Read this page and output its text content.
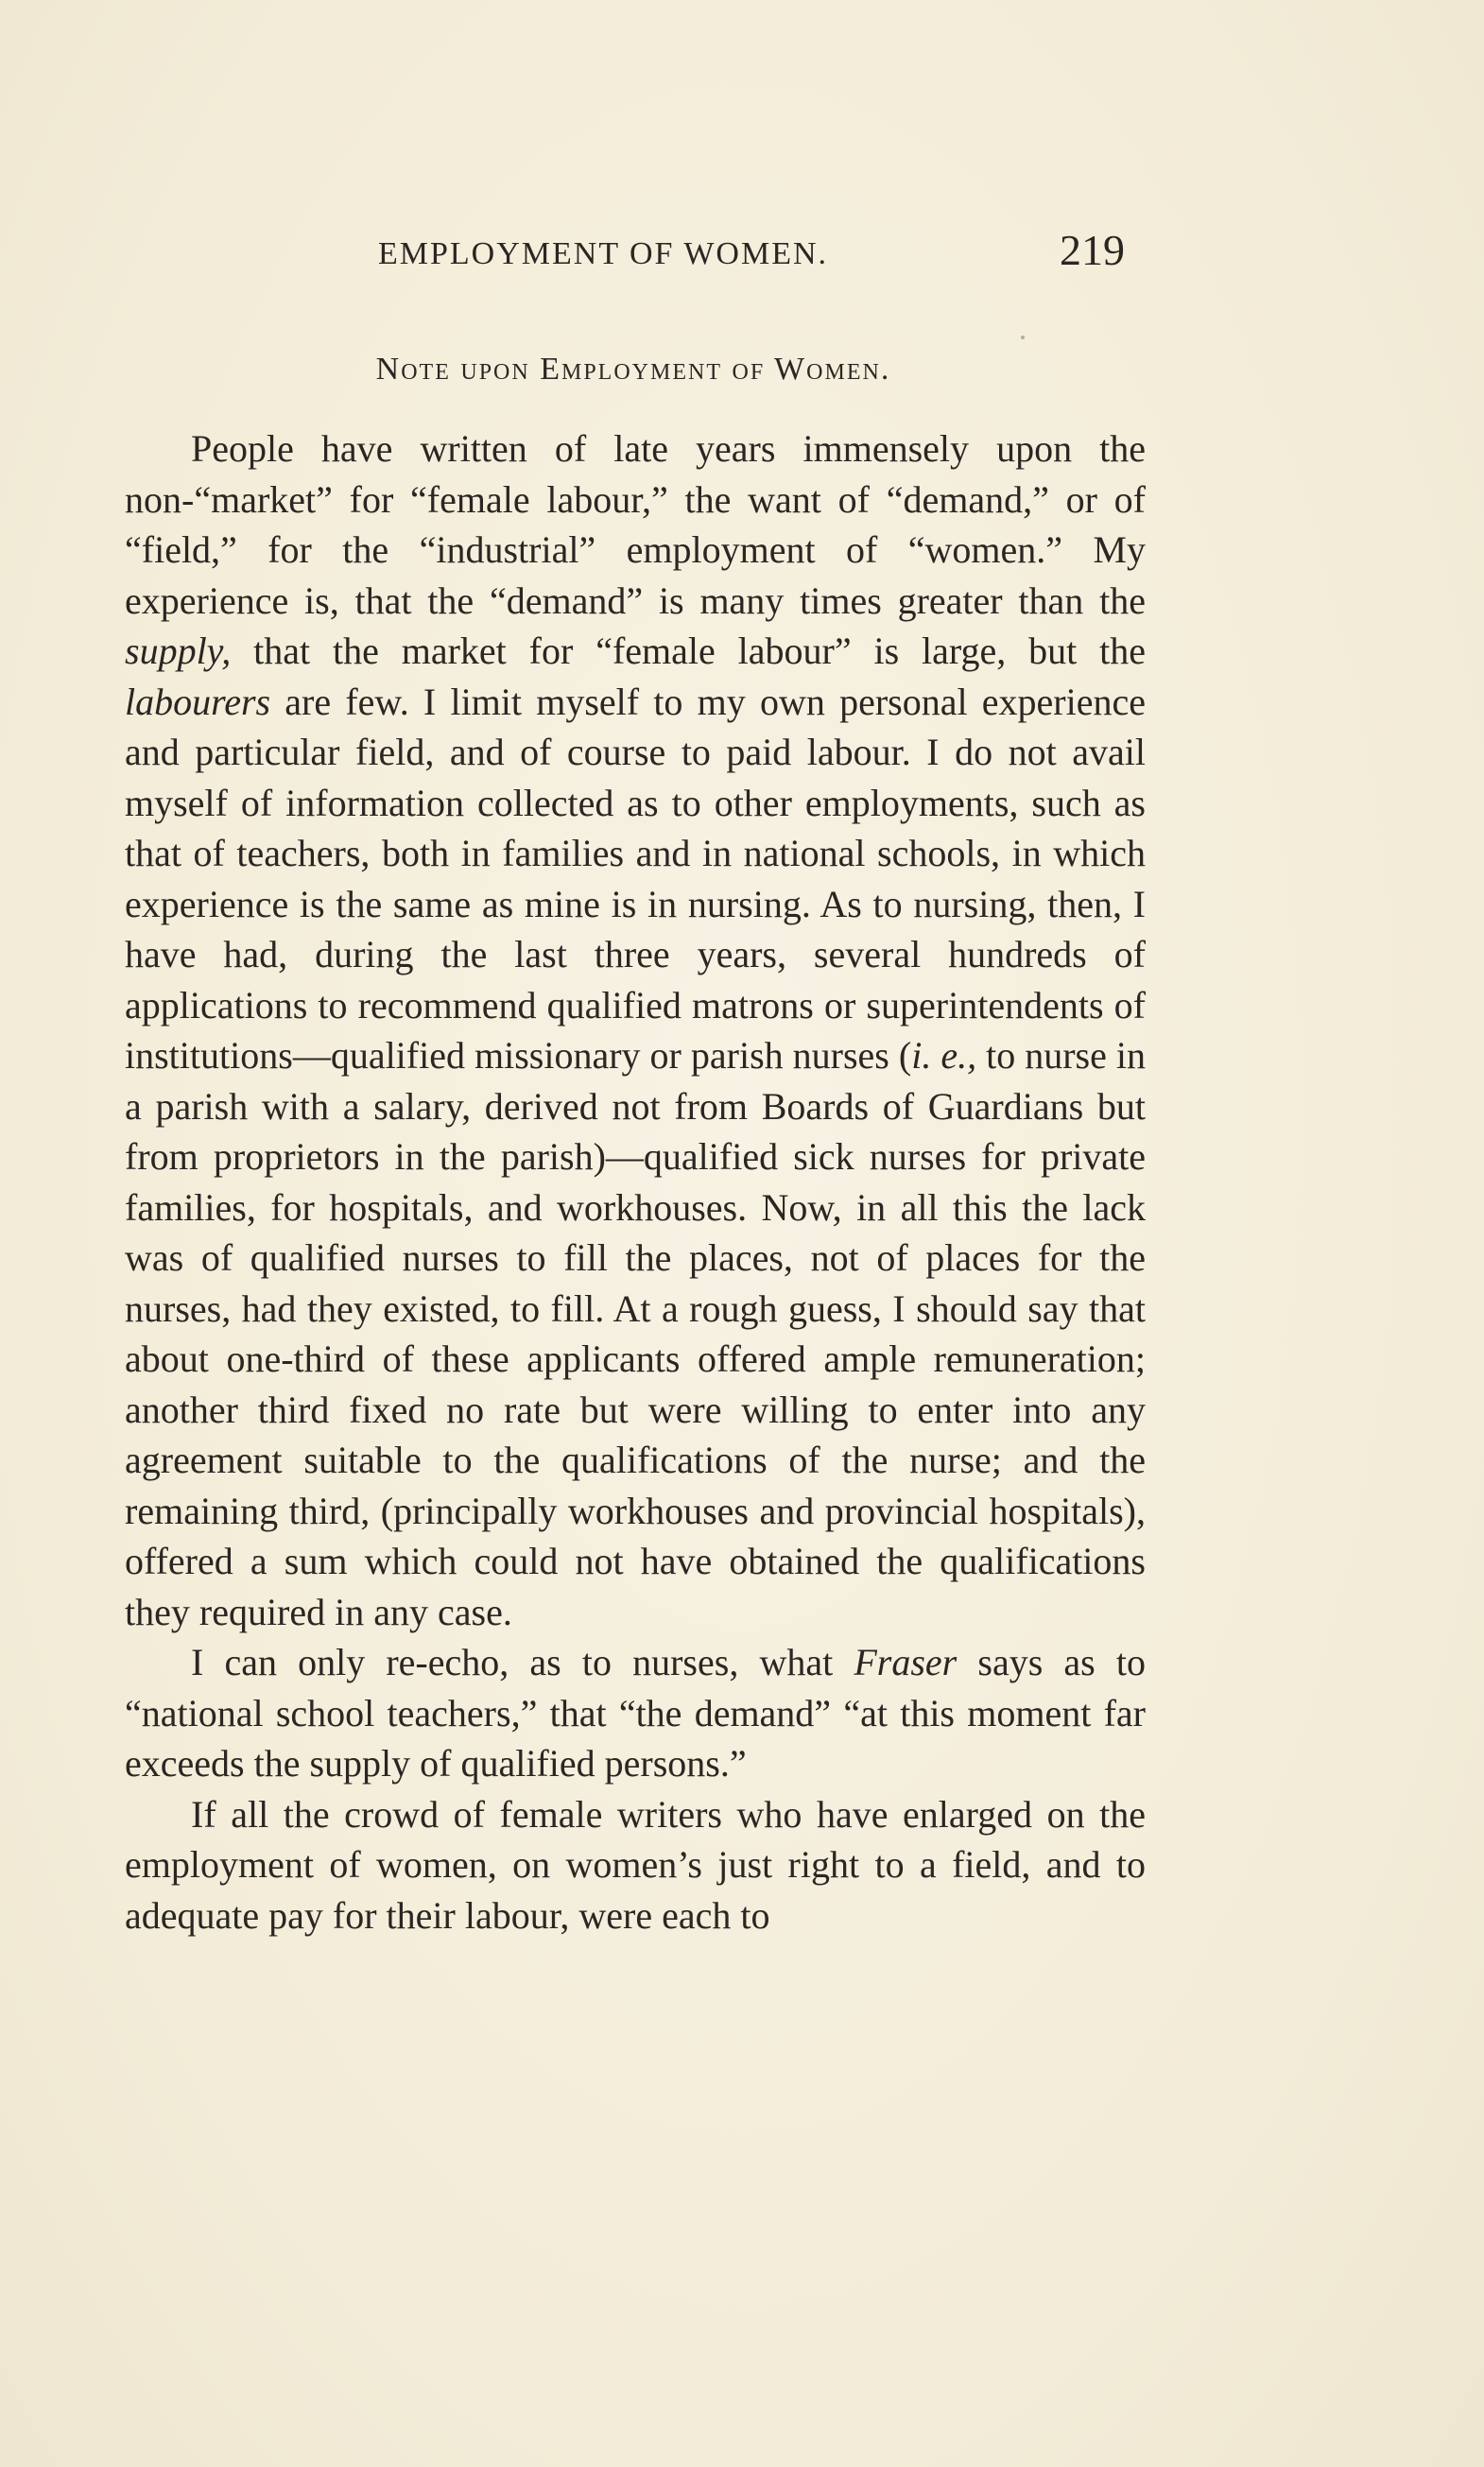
EMPLOYMENT OF WOMEN.	219
Note upon Employment of Women.

People have written of late years immensely upon the non-“market” for “female labour,” the want of “demand,” or of “field,” for the “industrial” employment of “women.” My experience is, that the “demand” is many times greater than the supply, that the market for “female labour” is large, but the labourers are few. I limit myself to my own personal experience and particular field, and of course to paid labour. I do not avail myself of information collected as to other employments, such as that of teachers, both in families and in national schools, in which experience is the same as mine is in nursing. As to nursing, then, I have had, during the last three years, several hundreds of applications to recommend qualified matrons or superintendents of institutions—qualified missionary or parish nurses (i. e., to nurse in a parish with a salary, derived not from Boards of Guardians but from proprietors in the parish)—qualified sick nurses for private families, for hospitals, and workhouses. Now, in all this the lack was of qualified nurses to fill the places, not of places for the nurses, had they existed, to fill. At a rough guess, I should say that about one-third of these applicants offered ample remuneration; another third fixed no rate but were willing to enter into any agreement suitable to the qualifications of the nurse; and the remaining third, (principally workhouses and provincial hospitals), offered a sum which could not have obtained the qualifications they required in any case.

I can only re-echo, as to nurses, what Fraser says as to “national school teachers,” that “the demand” “at this moment far exceeds the supply of qualified persons.”

If all the crowd of female writers who have enlarged on the employment of women, on women’s just right to a field, and to adequate pay for their labour, were each to
